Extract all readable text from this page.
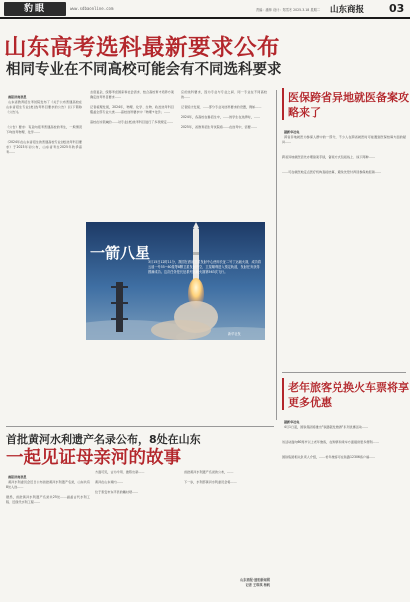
豹眼	www.sdbaonline.com	责编：潘帅 设计：郑雪冬 2025.3.18 星期二 山东商报 03
山东高考选科最新要求公布
相同专业在不同高校可能会有不同选科要求

商报济南消息
山东省教育招生考试院发布了《关于公布普通高校在山东省招生专业(类)选考科目要求的公告》(以下简称《公告》)。

《公告》要求：有意向报考普通高校的考生，一般情况下均选考物理、化学……

《2024年在山东省招生的普通高校专业(类)选考科目要求》于2023年初公布，山东省考生2025年秋季高考……

态度复杂，统筹考虑国家和社会需求、结合高校育才培养方案确定选考科目要求……

记者梳理发现，2024年，物理、化学、生物、政治选考科目覆盖全部专业大类……高校选科要求中「物理+化学」……

高校在该领域的……对专业(类)选考科目进行了多项规定……
应的选科要求，因为专业与专业之间、同一专业在不同高校的……

记者统计发现，……部分专业对选科要求的设置，例如……

2024年，各高校在鲁招生中，……的学生在选择时，……

2025年，省教育招生考试院将……在选考中，需要……
一箭八星
3月15日12时11分，我国在酒泉卫星发射中心使用长征二号丁运载火箭，成功将云遥一号55~60星等8颗卫星发射升空，卫星顺利进入预定轨道，发射任务获得圆满成功。这次任务是长征系列运载火箭第563次飞行。
新华社发
医保跨省异地就医备案攻略来了

据新华社电
跨省异地就医为参保人群中的一部分，不少人在跨省就医时可能遇到医保结算方面的疑问……

跨省异地就医需先办理备案手续，备案方式包括线上、线下两种……

……可在就医地定点医疗机构直接结算，避免先垫付再回参保地报销……

老年旅客兑换火车票将享更多优惠

据新华社电
4月1日起，国铁集团将推出"铁路银发旅游"系列优惠活动……

该活动面向60周岁以上老年旅客，在购票和乘车方面提供更多便利……

国铁集团相关负责人介绍，……老年旅客可在铁路12306客户端……

首批黄河水利遗产名录公布，8处在山东
一起见证母亲河的故事

商报济南消息
黄河水利委员会近日公布首批黄河水利遗产名录，山东共有8处入选……

据悉，首批黄河水利遗产名录共25处……涵盖古代水利工程、近现代水利工程……

方面可见，古为今用、推陈出新……

黄河在山东境内……

位于泰安市东平县的戴村坝……
首批黄河水利遗产名录的公布，……

下一步，水利部黄河水利委员会将……
山东商报·速豹新闻网
记者 王琪琪 杨帆
